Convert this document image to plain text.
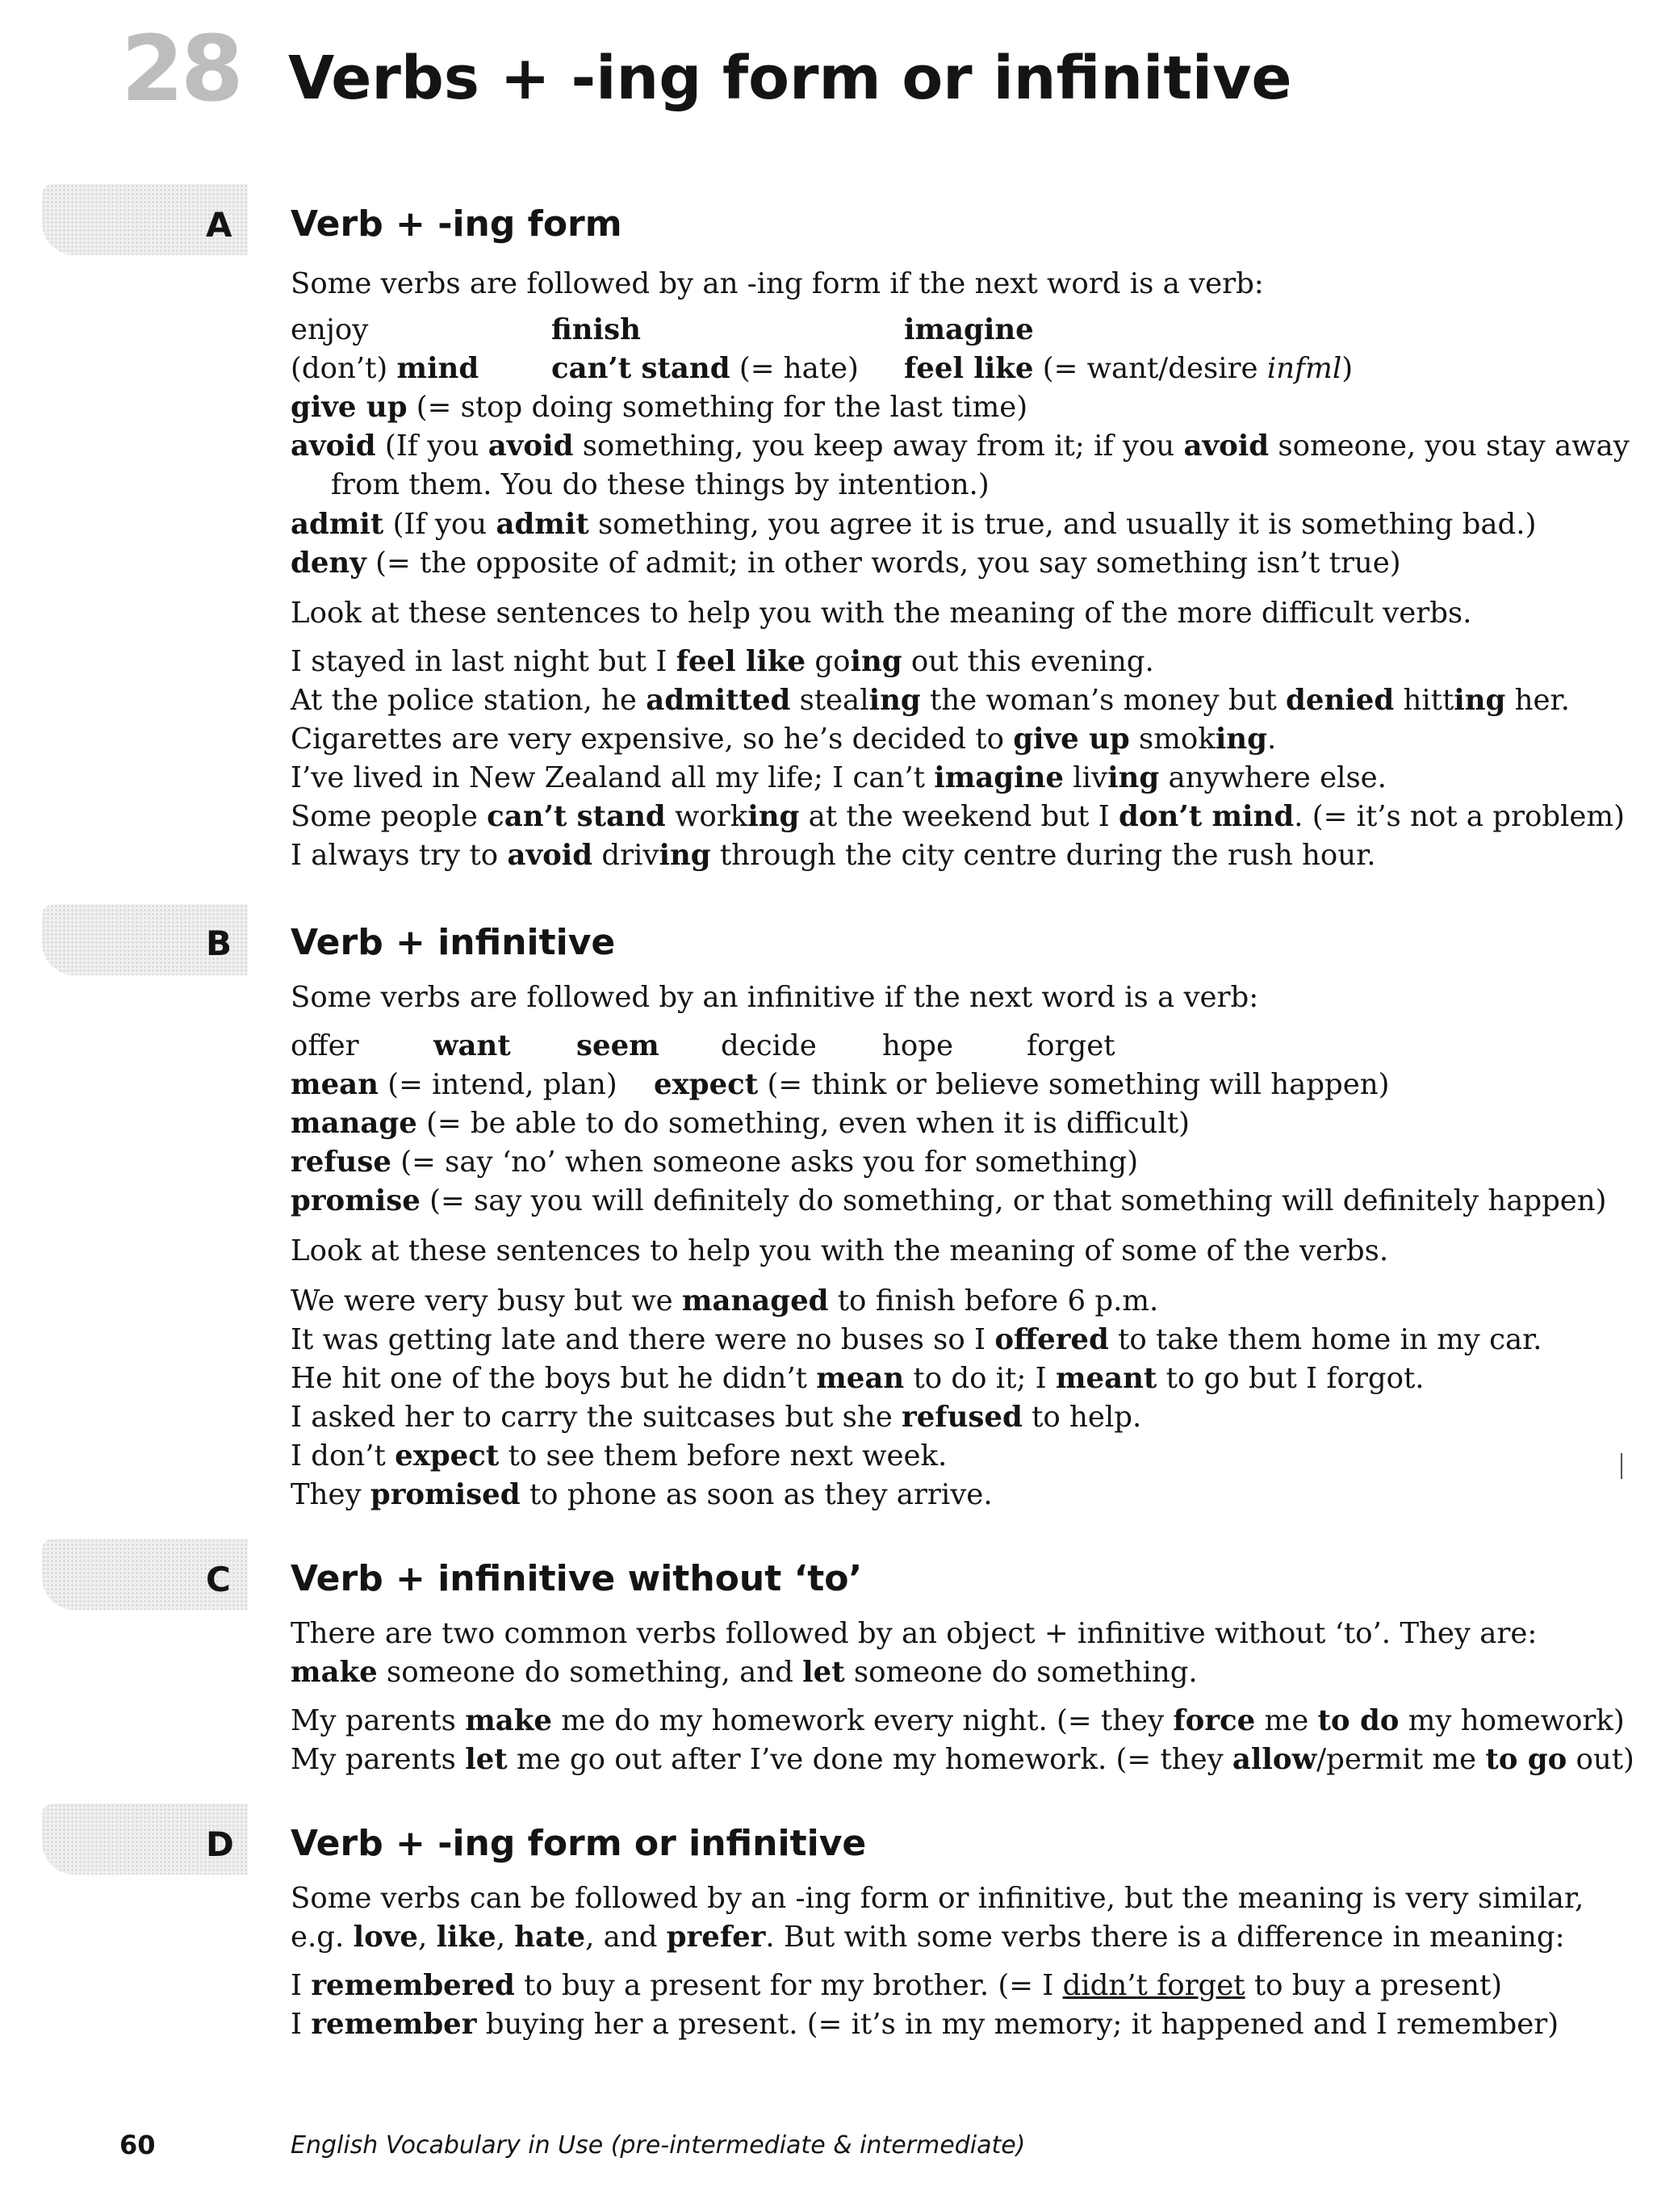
28 Verbs + -ing form or infinitive
A Verb + -ing form
Some verbs are followed by an -ing form if the next word is a verb:
enjoy	finish	imagine
(don’t) mind	can’t stand (= hate) feel like (= want/desire infml)
give up (= stop doing something for the last time)
avoid (If you avoid something, you keep away from it; if you avoid someone, you stay away
from them. You do these things by intention.)
admit (If you admit something, you agree it is true, and usually it is something bad.)
deny (= the opposite of admit; in other words, you say something isn’t true)
Look at these sentences to help you with the meaning of the more difficult verbs.
I stayed in last night but I feel like going out this evening.
At the police station, he admitted stealing the woman’s money but denied hitting her.
Cigarettes are very expensive, so he’s decided to give up smoking.
I’ve lived in New Zealand all my life; I can’t imagine living anywhere else.
Some people can’t stand working at the weekend but I don’t mind. (= it’s not a problem)
I always try to avoid driving through the city centre during the rush hour.
B Verb + infinitive
Some verbs are followed by an infinitive if the next word is a verb:
offer	want seem decide hope	forget
mean (= intend, plan) expect (= think or believe something will happen)
manage (= be able to do something, even when it is difficult)
refuse (= say ‘no’ when someone asks you for something)
promise (= say you will definitely do something, or that something will definitely happen)
Look at these sentences to help you with the meaning of some of the verbs.
We were very busy but we managed to finish before 6 p.m.
It was getting late and there were no buses so I offered to take them home in my car.
He hit one of the boys but he didn’t mean to do it; I meant to go but I forgot.
I asked her to carry the suitcases but she refused to help.
I don’t expect to see them before next week.
They promised to phone as soon as they arrive.
C Verb + infinitive without ‘to’
There are two common verbs followed by an object + infinitive without ‘to’. They are:
make someone do something, and let someone do something.
My parents make me do my homework every night. (= they force me to do my homework)
My parents let me go out after I’ve done my homework. (= they allow/permit me to go out)
D Verb + -ing form or infinitive
Some verbs can be followed by an -ing form or infinitive, but the meaning is very similar,
e.g. love, like, hate, and prefer. But with some verbs there is a difference in meaning:
I remembered to buy a present for my brother. (= I didn’t forget to buy a present)
I remember buying her a present. (= it’s in my memory; it happened and I remember)
60	English Vocabulary in Use (pre-intermediate & intermediate)
